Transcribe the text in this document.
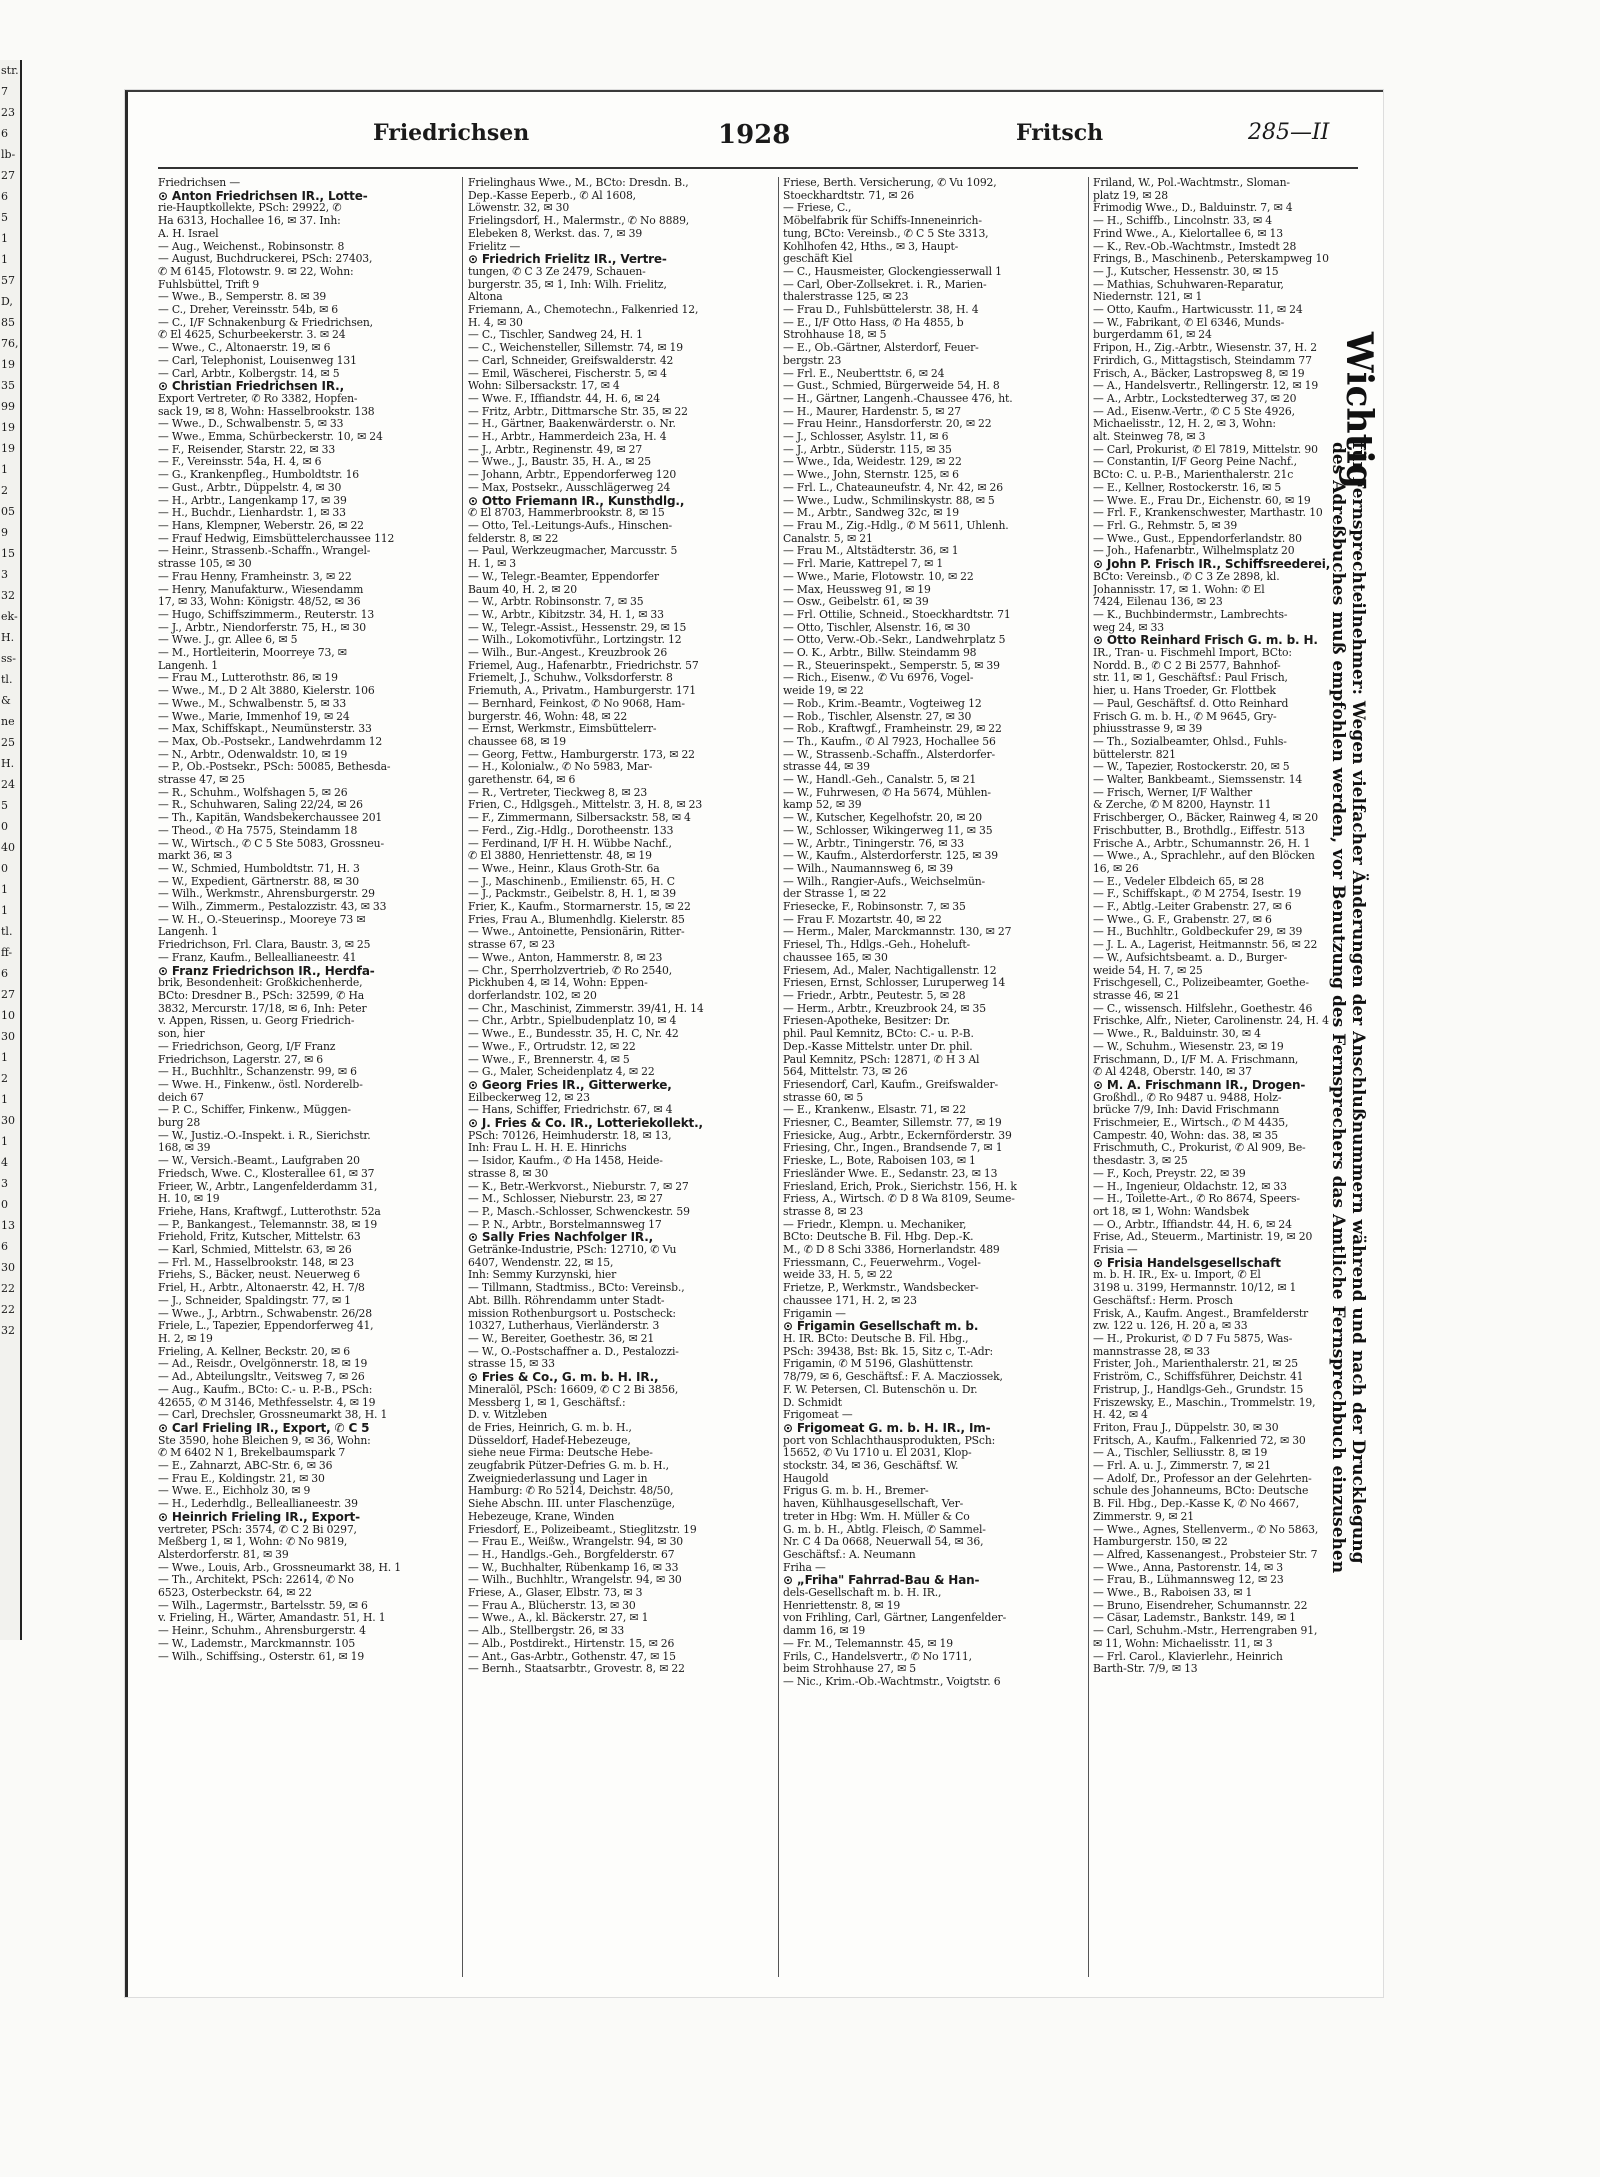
str.
7
23
6
lb-
27
6
5
1
1
57
D,
85
76,
19
35
99
19
19
1
2
05
9
15
3
32
ek-
H.
ss-
tl.
&
ne
25
H.
24
5
0
40
0
1
1
tl.
ff-
6
27
10
30
1
2
1
30
1
4
3
0
13
6
30
22
22
32
Friedrichsen	1928	Fritsch	285—II
Friedrichsen —
⊙ Anton Friedrichsen IR., Lotte-
rie-Hauptkollekte, PSch: 29922, ✆
Ha 6313, Hochallee 16, ✉ 37. Inh:
A. H. Israel
— Aug., Weichenst., Robinsonstr. 8
— August, Buchdruckerei, PSch: 27403,
✆ M 6145, Flotowstr. 9. ✉ 22, Wohn:
Fuhlsbüttel, Trift 9
— Wwe., B., Semperstr. 8. ✉ 39
— C., Dreher, Vereinsstr. 54b, ✉ 6
— C., I/F Schnakenburg & Friedrichsen,
✆ El 4625, Schurbeekerstr. 3. ✉ 24
— Wwe., C., Altonaerstr. 19, ✉ 6
— Carl, Telephonist, Louisenweg 131
— Carl, Arbtr., Kolbergstr. 14, ✉ 5
⊙ Christian Friedrichsen IR.,
Export Vertreter, ✆ Ro 3382, Hopfen-
sack 19, ✉ 8, Wohn: Hasselbrookstr. 138
— Wwe., D., Schwalbenstr. 5, ✉ 33
— Wwe., Emma, Schürbeckerstr. 10, ✉ 24
— F., Reisender, Starstr. 22, ✉ 33
— F., Vereinsstr. 54a, H. 4, ✉ 6
— G., Krankenpfleg., Humboldtstr. 16
— Gust., Arbtr., Düppelstr. 4, ✉ 30
— H., Arbtr., Langenkamp 17, ✉ 39
— H., Buchdr., Lienhardstr. 1, ✉ 33
— Hans, Klempner, Weberstr. 26, ✉ 22
— Frauf Hedwig, Eimsbüttelerchaussee 112
— Heinr., Strassenb.-Schaffn., Wrangel-
strasse 105, ✉ 30
— Frau Henny, Framheinstr. 3, ✉ 22
— Henry, Manufakturw., Wiesendamm
17, ✉ 33, Wohn: Königstr. 48/52, ✉ 36
— Hugo, Schiffszimmerm., Reuterstr. 13
— J., Arbtr., Niendorferstr. 75, H., ✉ 30
— Wwe. J., gr. Allee 6, ✉ 5
— M., Hortleiterin, Moorreye 73, ✉
Langenh. 1
— Frau M., Lutterothstr. 86, ✉ 19
— Wwe., M., D 2 Alt 3880, Kielerstr. 106
— Wwe., M., Schwalbenstr. 5, ✉ 33
— Wwe., Marie, Immenhof 19, ✉ 24
— Max, Schiffskapt., Neumünsterstr. 33
— Max, Ob.-Postsekr., Landwehrdamm 12
— N., Arbtr., Odenwaldstr. 10, ✉ 19
— P., Ob.-Postsekr., PSch: 50085, Bethesda-
strasse 47, ✉ 25
— R., Schuhm., Wolfshagen 5, ✉ 26
— R., Schuhwaren, Saling 22/24, ✉ 26
— Th., Kapitän, Wandsbekerchaussee 201
— Theod., ✆ Ha 7575, Steindamm 18
— W., Wirtsch., ✆ C 5 Ste 5083, Grossneu-
markt 36, ✉ 3
— W., Schmied, Humboldtstr. 71, H. 3
— W., Expedient, Gärtnerstr. 88, ✉ 30
— Wilh., Werkmstr., Ahrensburgerstr. 29
— Wilh., Zimmerm., Pestalozzistr. 43, ✉ 33
— W. H., O.-Steuerinsp., Mooreye 73 ✉
Langenh. 1
Friedrichson, Frl. Clara, Baustr. 3, ✉ 25
— Franz, Kaufm., Belleallianeestr. 41
⊙ Franz Friedrichson IR., Herdfa-
brik, Besondenheit: Großkichenherde,
BCto: Dresdner B., PSch: 32599, ✆ Ha
3832, Mercurstr. 17/18, ✉ 6, Inh: Peter
v. Appen, Rissen, u. Georg Friedrich-
son, hier
— Friedrichson, Georg, I/F Franz
Friedrichson, Lagerstr. 27, ✉ 6
— H., Buchhltr., Schanzenstr. 99, ✉ 6
— Wwe. H., Finkenw., östl. Norderelb-
deich 67
— P. C., Schiffer, Finkenw., Müggen-
burg 28
— W., Justiz.-O.-Inspekt. i. R., Sierichstr.
168, ✉ 39
— W., Versich.-Beamt., Laufgraben 20
Friedsch, Wwe. C., Klosterallee 61, ✉ 37
Frieer, W., Arbtr., Langenfelderdamm 31,
H. 10, ✉ 19
Friehe, Hans, Kraftwgf., Lutterothstr. 52a
— P., Bankangest., Telemannstr. 38, ✉ 19
Friehold, Fritz, Kutscher, Mittelstr. 63
— Karl, Schmied, Mittelstr. 63, ✉ 26
— Frl. M., Hasselbrookstr. 148, ✉ 23
Friehs, S., Bäcker, neust. Neuerweg 6
Friel, H., Arbtr., Altonaerstr. 42, H. 7/8
— J., Schneider, Spaldingstr. 77, ✉ 1
— Wwe., J., Arbtrn., Schwabenstr. 26/28
Friele, L., Tapezier, Eppendorferweg 41,
H. 2, ✉ 19
Frieling, A. Kellner, Beckstr. 20, ✉ 6
— Ad., Reisdr., Ovelgönnerstr. 18, ✉ 19
— Ad., Abteilungsltr., Veitsweg 7, ✉ 26
— Aug., Kaufm., BCto: C.- u. P.-B., PSch:
42655, ✆ M 3146, Methfesselstr. 4, ✉ 19
— Carl, Drechsler, Grossneumarkt 38, H. 1
⊙ Carl Frieling IR., Export, ✆ C 5
Ste 3590, hohe Bleichen 9, ✉ 36, Wohn:
✆ M 6402 N 1, Brekelbaumspark 7
— E., Zahnarzt, ABC-Str. 6, ✉ 36
— Frau E., Koldingstr. 21, ✉ 30
— Wwe. E., Eichholz 30, ✉ 9
— H., Lederhdlg., Belleallianeestr. 39
⊙ Heinrich Frieling IR., Export-
vertreter, PSch: 3574, ✆ C 2 Bi 0297,
Meßberg 1, ✉ 1, Wohn: ✆ No 9819,
Alsterdorferstr. 81, ✉ 39
— Wwe., Louis, Arb., Grossneumarkt 38, H. 1
— Th., Architekt, PSch: 22614, ✆ No
6523, Osterbeckstr. 64, ✉ 22
— Wilh., Lagermstr., Bartelsstr. 59, ✉ 6
v. Frieling, H., Wärter, Amandastr. 51, H. 1
— Heinr., Schuhm., Ahrensburgerstr. 4
— W., Lademstr., Marckmannstr. 105
— Wilh., Schiffsing., Osterstr. 61, ✉ 19
Frielinghaus Wwe., M., BCto: Dresdn. B.,
Dep.-Kasse Eeperb., ✆ Al 1608,
Löwenstr. 32, ✉ 30
Frielingsdorf, H., Malermstr., ✆ No 8889,
Elebeken 8, Werkst. das. 7, ✉ 39
Frielitz —
⊙ Friedrich Frielitz IR., Vertre-
tungen, ✆ C 3 Ze 2479, Schauen-
burgerstr. 35, ✉ 1, Inh: Wilh. Frielitz,
Altona
Friemann, A., Chemotechn., Falkenried 12,
H. 4, ✉ 30
— C., Tischler, Sandweg 24, H. 1
— C., Weichensteller, Sillemstr. 74, ✉ 19
— Carl, Schneider, Greifswalderstr. 42
— Emil, Wäscherei, Fischerstr. 5, ✉ 4
Wohn: Silbersackstr. 17, ✉ 4
— Wwe. F., Iffiandstr. 44, H. 6, ✉ 24
— Fritz, Arbtr., Dittmarsche Str. 35, ✉ 22
— H., Gärtner, Baakenwärderstr. o. Nr.
— H., Arbtr., Hammerdeich 23a, H. 4
— J., Arbtr., Reginenstr. 49, ✉ 27
— Wwe., J., Baustr. 35, H. A., ✉ 25
— Johann, Arbtr., Eppendorferweg 120
— Max, Postsekr., Ausschlägerweg 24
⊙ Otto Friemann IR., Kunsthdlg.,
✆ El 8703, Hammerbrookstr. 8, ✉ 15
— Otto, Tel.-Leitungs-Aufs., Hinschen-
felderstr. 8, ✉ 22
— Paul, Werkzeugmacher, Marcusstr. 5
H. 1, ✉ 3
— W., Telegr.-Beamter, Eppendorfer
Baum 40, H. 2, ✉ 20
— W., Arbtr. Robinsonstr. 7, ✉ 35
— W., Arbtr., Kibitzstr. 34, H. 1, ✉ 33
— W., Telegr.-Assist., Hessenstr. 29, ✉ 15
— Wilh., Lokomotivführ., Lortzingstr. 12
— Wilh., Bur.-Angest., Kreuzbrook 26
Friemel, Aug., Hafenarbtr., Friedrichstr. 57
Friemelt, J., Schuhw., Volksdorferstr. 8
Friemuth, A., Privatm., Hamburgerstr. 171
— Bernhard, Feinkost, ✆ No 9068, Ham-
burgerstr. 46, Wohn: 48, ✉ 22
— Ernst, Werkmstr., Eimsbüttelerr-
chaussee 68, ✉ 19
— Georg, Fettw., Hamburgerstr. 173, ✉ 22
— H., Kolonialw., ✆ No 5983, Mar-
garethenstr. 64, ✉ 6
— R., Vertreter, Tieckweg 8, ✉ 23
Frien, C., Hdlgsgeh., Mittelstr. 3, H. 8, ✉ 23
— F., Zimmermann, Silbersackstr. 58, ✉ 4
— Ferd., Zig.-Hdlg., Dorotheenstr. 133
— Ferdinand, I/F H. H. Wübbe Nachf.,
✆ El 3880, Henriettenstr. 48, ✉ 19
— Wwe., Heinr., Klaus Groth-Str. 6a
— J., Maschinenb., Emilienstr. 65, H. C
— J., Packmstr., Geibelstr. 8, H. 1, ✉ 39
Frier, K., Kaufm., Stormarnerstr. 15, ✉ 22
Fries, Frau A., Blumenhdlg. Kielerstr. 85
— Wwe., Antoinette, Pensionärin, Ritter-
strasse 67, ✉ 23
— Wwe., Anton, Hammerstr. 8, ✉ 23
— Chr., Sperrholzvertrieb, ✆ Ro 2540,
Pickhuben 4, ✉ 14, Wohn: Eppen-
dorferlandstr. 102, ✉ 20
— Chr., Maschinist, Zimmerstr. 39/41, H. 14
— Chr., Arbtr., Spielbudenplatz 10, ✉ 4
— Wwe., E., Bundesstr. 35, H. C, Nr. 42
— Wwe., F., Ortrudstr. 12, ✉ 22
— Wwe., F., Brennerstr. 4, ✉ 5
— G., Maler, Scheidenplatz 4, ✉ 22
⊙ Georg Fries IR., Gitterwerke,
Eilbeckerweg 12, ✉ 23
— Hans, Schiffer, Friedrichstr. 67, ✉ 4
⊙ J. Fries & Co. IR., Lotteriekollekt.,
PSch: 70126, Heimhuderstr. 18, ✉ 13,
Inh: Frau L. H. H. E. Hinrichs
— Isidor, Kaufm., ✆ Ha 1458, Heide-
strasse 8, ✉ 30
— K., Betr.-Werkvorst., Nieburstr. 7, ✉ 27
— M., Schlosser, Nieburstr. 23, ✉ 27
— P., Masch.-Schlosser, Schwenckestr. 59
— P. N., Arbtr., Borstelmannsweg 17
⊙ Sally Fries Nachfolger IR.,
Getränke-Industrie, PSch: 12710, ✆ Vu
6407, Wendenstr. 22, ✉ 15,
Inh: Semmy Kurzynski, hier
— Tillmann, Stadtmiss., BCto: Vereinsb.,
Abt. Billh. Röhrendamm unter Stadt-
mission Rothenburgsort u. Postscheck:
10327, Lutherhaus, Vierländerstr. 3
— W., Bereiter, Goethestr. 36, ✉ 21
— W., O.-Postschaffner a. D., Pestalozzi-
strasse 15, ✉ 33
⊙ Fries & Co., G. m. b. H. IR.,
Mineralöl, PSch: 16609, ✆ C 2 Bi 3856,
Messberg 1, ✉ 1, Geschäftsf.:
D. v. Witzleben
de Fries, Heinrich, G. m. b. H.,
Düsseldorf, Hadef-Hebezeuge,
siehe neue Firma: Deutsche Hebe-
zeugfabrik Pützer-Defries G. m. b. H.,
Zweigniederlassung und Lager in
Hamburg: ✆ Ro 5214, Deichstr. 48/50,
Siehe Abschn. III. unter Flaschenzüge,
Hebezeuge, Krane, Winden
Friesdorf, E., Polizeibeamt., Stieglitzstr. 19
— Frau E., Weißw., Wrangelstr. 94, ✉ 30
— H., Handlgs.-Geh., Borgfelderstr. 67
— W., Buchhalter, Rübenkamp 16, ✉ 33
— Wilh., Buchhltr., Wrangelstr. 94, ✉ 30
Friese, A., Glaser, Elbstr. 73, ✉ 3
— Frau A., Blücherstr. 13, ✉ 30
— Wwe., A., kl. Bäckerstr. 27, ✉ 1
— Alb., Stellbergstr. 26, ✉ 33
— Alb., Postdirekt., Hirtenstr. 15, ✉ 26
— Ant., Gas-Arbtr., Gothenstr. 47, ✉ 15
— Bernh., Staatsarbtr., Grovestr. 8, ✉ 22
Friese, Berth. Versicherung, ✆ Vu 1092,
Stoeckhardtstr. 71, ✉ 26
— Friese, C.,
Möbelfabrik für Schiffs-Inneneinrich-
tung, BCto: Vereinsb., ✆ C 5 Ste 3313,
Kohlhofen 42, Hths., ✉ 3, Haupt-
geschäft Kiel
— C., Hausmeister, Glockengiesserwall 1
— Carl, Ober-Zollsekret. i. R., Marien-
thalerstrasse 125, ✉ 23
— Frau D., Fuhlsbüttelerstr. 38, H. 4
— E., I/F Otto Hass, ✆ Ha 4855, b
Strohhause 18, ✉ 5
— E., Ob.-Gärtner, Alsterdorf, Feuer-
bergstr. 23
— Frl. E., Neuberttstr. 6, ✉ 24
— Gust., Schmied, Bürgerweide 54, H. 8
— H., Gärtner, Langenh.-Chaussee 476, ht.
— H., Maurer, Hardenstr. 5, ✉ 27
— Frau Heinr., Hansdorferstr. 20, ✉ 22
— J., Schlosser, Asylstr. 11, ✉ 6
— J., Arbtr., Süderstr. 115, ✉ 35
— Wwe., Ida, Weidestr. 129, ✉ 22
— Wwe., John, Sternstr. 125, ✉ 6
— Frl. L., Chateauneufstr. 4, Nr. 42, ✉ 26
— Wwe., Ludw., Schmilinskystr. 88, ✉ 5
— M., Arbtr., Sandweg 32c, ✉ 19
— Frau M., Zig.-Hdlg., ✆ M 5611, Uhlenh.
Canalstr. 5, ✉ 21
— Frau M., Altstädterstr. 36, ✉ 1
— Frl. Marie, Kattrepel 7, ✉ 1
— Wwe., Marie, Flotowstr. 10, ✉ 22
— Max, Heussweg 91, ✉ 19
— Osw., Geibelstr. 61, ✉ 39
— Frl. Ottilie, Schneid., Stoeckhardtstr. 71
— Otto, Tischler, Alsenstr. 16, ✉ 30
— Otto, Verw.-Ob.-Sekr., Landwehrplatz 5
— O. K., Arbtr., Billw. Steindamm 98
— R., Steuerinspekt., Semperstr. 5, ✉ 39
— Rich., Eisenw., ✆ Vu 6976, Vogel-
weide 19, ✉ 22
— Rob., Krim.-Beamtr., Vogteiweg 12
— Rob., Tischler, Alsenstr. 27, ✉ 30
— Rob., Kraftwgf., Framheinstr. 29, ✉ 22
— Th., Kaufm., ✆ Al 7923, Hochallee 56
— W., Strassenb.-Schaffn., Alsterdorfer-
strasse 44, ✉ 39
— W., Handl.-Geh., Canalstr. 5, ✉ 21
— W., Fuhrwesen, ✆ Ha 5674, Mühlen-
kamp 52, ✉ 39
— W., Kutscher, Kegelhofstr. 20, ✉ 20
— W., Schlosser, Wikingerweg 11, ✉ 35
— W., Arbtr., Tiningerstr. 76, ✉ 33
— W., Kaufm., Alsterdorferstr. 125, ✉ 39
— Wilh., Naumannsweg 6, ✉ 39
— Wilh., Rangier-Aufs., Weichselmün-
der Strasse 1, ✉ 22
Friesecke, F., Robinsonstr. 7, ✉ 35
— Frau F. Mozartstr. 40, ✉ 22
— Herm., Maler, Marckmannstr. 130, ✉ 27
Friesel, Th., Hdlgs.-Geh., Hoheluft-
chaussee 165, ✉ 30
Friesem, Ad., Maler, Nachtigallenstr. 12
Friesen, Ernst, Schlosser, Luruperweg 14
— Friedr., Arbtr., Peutestr. 5, ✉ 28
— Herm., Arbtr., Kreuzbrook 24, ✉ 35
Friesen-Apotheke, Besitzer: Dr.
phil. Paul Kemnitz, BCto: C.- u. P.-B.
Dep.-Kasse Mittelstr. unter Dr. phil.
Paul Kemnitz, PSch: 12871, ✆ H 3 Al
564, Mittelstr. 73, ✉ 26
Friesendorf, Carl, Kaufm., Greifswalder-
strasse 60, ✉ 5
— E., Krankenw., Elsastr. 71, ✉ 22
Friesner, C., Beamter, Sillemstr. 77, ✉ 19
Friesicke, Aug., Arbtr., Eckernförderstr. 39
Friesing, Chr., Ingen., Brandsende 7, ✉ 1
Frieske, L., Bote, Raboisen 103, ✉ 1
Friesländer Wwe. E., Sedanstr. 23, ✉ 13
Friesland, Erich, Prok., Sierichstr. 156, H. k
Friess, A., Wirtsch. ✆ D 8 Wa 8109, Seume-
strasse 8, ✉ 23
— Friedr., Klempn. u. Mechaniker,
BCto: Deutsche B. Fil. Hbg. Dep.-K.
M., ✆ D 8 Schi 3386, Hornerlandstr. 489
Friessmann, C., Feuerwehrm., Vogel-
weide 33, H. 5, ✉ 22
Frietze, P., Werkmstr., Wandsbecker-
chaussee 171, H. 2, ✉ 23
Frigamin —
⊙ Frigamin Gesellschaft m. b.
H. IR. BCto: Deutsche B. Fil. Hbg.,
PSch: 39438, Bst: Bk. 15, Sitz c, T.-Adr:
Frigamin, ✆ M 5196, Glashüttenstr.
78/79, ✉ 6, Geschäftsf.: F. A. Macziossek,
F. W. Petersen, Cl. Butenschön u. Dr.
D. Schmidt
Frigomeat —
⊙ Frigomeat G. m. b. H. IR., Im-
port von Schlachthausprodukten, PSch:
15652, ✆ Vu 1710 u. El 2031, Klop-
stockstr. 34, ✉ 36, Geschäftsf. W.
Haugold
Frigus G. m. b. H., Bremer-
haven, Kühlhausgesellschaft, Ver-
treter in Hbg: Wm. H. Müller & Co
G. m. b. H., Abtlg. Fleisch, ✆ Sammel-
Nr. C 4 Da 0668, Neuerwall 54, ✉ 36,
Geschäftsf.: A. Neumann
Friha —
⊙ „Friha" Fahrrad-Bau & Han-
dels-Gesellschaft m. b. H. IR.,
Henriettenstr. 8, ✉ 19
von Frihling, Carl, Gärtner, Langenfelder-
damm 16, ✉ 19
— Fr. M., Telemannstr. 45, ✉ 19
Frils, C., Handelsvertr., ✆ No 1711,
beim Strohhause 27, ✉ 5
— Nic., Krim.-Ob.-Wachtmstr., Voigtstr. 6
Friland, W., Pol.-Wachtmstr., Sloman-
platz 19, ✉ 28
Frimodig Wwe., D., Balduinstr. 7, ✉ 4
— H., Schiffb., Lincolnstr. 33, ✉ 4
Frind Wwe., A., Kielortallee 6, ✉ 13
— K., Rev.-Ob.-Wachtmstr., Imstedt 28
Frings, B., Maschinenb., Peterskampweg 10
— J., Kutscher, Hessenstr. 30, ✉ 15
— Mathias, Schuhwaren-Reparatur,
Niedernstr. 121, ✉ 1
— Otto, Kaufm., Hartwicusstr. 11, ✉ 24
— W., Fabrikant, ✆ El 6346, Munds-
burgerdamm 61, ✉ 24
Fripon, H., Zig.-Arbtr., Wiesenstr. 37, H. 2
Frirdich, G., Mittagstisch, Steindamm 77
Frisch, A., Bäcker, Lastropsweg 8, ✉ 19
— A., Handelsvertr., Rellingerstr. 12, ✉ 19
— A., Arbtr., Lockstedterweg 37, ✉ 20
— Ad., Eisenw.-Vertr., ✆ C 5 Ste 4926,
Michaelisstr., 12, H. 2, ✉ 3, Wohn:
alt. Steinweg 78, ✉ 3
— Carl, Prokurist, ✆ El 7819, Mittelstr. 90
— Constantin, I/F Georg Peine Nachf.,
BCto: C. u. P.-B., Marienthalerstr. 21c
— E., Kellner, Rostockerstr. 16, ✉ 5
— Wwe. E., Frau Dr., Eichenstr. 60, ✉ 19
— Frl. F., Krankenschwester, Marthastr. 10
— Frl. G., Rehmstr. 5, ✉ 39
— Wwe., Gust., Eppendorferlandstr. 80
— Joh., Hafenarbtr., Wilhelmsplatz 20
⊙ John P. Frisch IR., Schiffsreederei,
BCto: Vereinsb., ✆ C 3 Ze 2898, kl.
Johannisstr. 17, ✉ 1. Wohn: ✆ El
7424, Eilenau 136, ✉ 23
— K., Buchbindermstr., Lambrechts-
weg 24, ✉ 33
⊙ Otto Reinhard Frisch G. m. b. H.
IR., Tran- u. Fischmehl Import, BCto:
Nordd. B., ✆ C 2 Bi 2577, Bahnhof-
str. 11, ✉ 1, Geschäftsf.: Paul Frisch,
hier, u. Hans Troeder, Gr. Flottbek
— Paul, Geschäftsf. d. Otto Reinhard
Frisch G. m. b. H., ✆ M 9645, Gry-
phiusstrasse 9, ✉ 39
— Th., Sozialbeamter, Ohlsd., Fuhls-
büttelerstr. 821
— W., Tapezier, Rostockerstr. 20, ✉ 5
— Walter, Bankbeamt., Siemssenstr. 14
— Frisch, Werner, I/F Walther
& Zerche, ✆ M 8200, Haynstr. 11
Frischberger, O., Bäcker, Rainweg 4, ✉ 20
Frischbutter, B., Brothdlg., Eiffestr. 513
Frische A., Arbtr., Schumannstr. 26, H. 1
— Wwe., A., Sprachlehr., auf den Blöcken
16, ✉ 26
— E., Vedeler Elbdeich 65, ✉ 28
— F., Schiffskapt., ✆ M 2754, Isestr. 19
— F., Abtlg.-Leiter Grabenstr. 27, ✉ 6
— Wwe., G. F., Grabenstr. 27, ✉ 6
— H., Buchhltr., Goldbeckufer 29, ✉ 39
— J. L. A., Lagerist, Heitmannstr. 56, ✉ 22
— W., Aufsichtsbeamt. a. D., Burger-
weide 54, H. 7, ✉ 25
Frischgesell, C., Polizeibeamter, Goethe-
strasse 46, ✉ 21
— C., wissensch. Hilfslehr., Goethestr. 46
Frischke, Alfr., Nieter, Carolinenstr. 24, H. 4
— Wwe., R., Balduinstr. 30, ✉ 4
— W., Schuhm., Wiesenstr. 23, ✉ 19
Frischmann, D., I/F M. A. Frischmann,
✆ Al 4248, Oberstr. 140, ✉ 37
⊙ M. A. Frischmann IR., Drogen-
Großhdl., ✆ Ro 9487 u. 9488, Holz-
brücke 7/9, Inh: David Frischmann
Frischmeier, E., Wirtsch., ✆ M 4435,
Campestr. 40, Wohn: das. 38, ✉ 35
Frischmuth, C., Prokurist, ✆ Al 909, Be-
thesdastr. 3, ✉ 25
— F., Koch, Preystr. 22, ✉ 39
— H., Ingenieur, Oldachstr. 12, ✉ 33
— H., Toilette-Art., ✆ Ro 8674, Speers-
ort 18, ✉ 1, Wohn: Wandsbek
— O., Arbtr., Iffiandstr. 44, H. 6, ✉ 24
Frise, Ad., Steuerm., Martinistr. 19, ✉ 20
Frisia —
⊙ Frisia Handelsgesellschaft
m. b. H. IR., Ex- u. Import, ✆ El
3198 u. 3199, Hermannstr. 10/12, ✉ 1
Geschäftsf.: Herm. Prosch
Frisk, A., Kaufm. Angest., Bramfelderstr
zw. 122 u. 126, H. 20 a, ✉ 33
— H., Prokurist, ✆ D 7 Fu 5875, Was-
mannstrasse 28, ✉ 33
Frister, Joh., Marienthalerstr. 21, ✉ 25
Friström, C., Schiffsführer, Deichstr. 41
Fristrup, J., Handlgs-Geh., Grundstr. 15
Friszewsky, E., Maschin., Trommelstr. 19,
H. 42, ✉ 4
Friton, Frau J., Düppelstr. 30, ✉ 30
Fritsch, A., Kaufm., Falkenried 72, ✉ 30
— A., Tischler, Selliusstr. 8, ✉ 19
— Frl. A. u. J., Zimmerstr. 7, ✉ 21
— Adolf, Dr., Professor an der Gelehrten-
schule des Johanneums, BCto: Deutsche
B. Fil. Hbg., Dep.-Kasse K, ✆ No 4667,
Zimmerstr. 9, ✉ 21
— Wwe., Agnes, Stellenverm., ✆ No 5863,
Hamburgerstr. 150, ✉ 22
— Alfred, Kassenangest., Probsteier Str. 7
— Wwe., Anna, Pastorenstr. 14, ✉ 3
— Frau, B., Lühmannsweg 12, ✉ 23
— Wwe., B., Raboisen 33, ✉ 1
— Bruno, Eisendreher, Schumannstr. 22
— Cäsar, Lademstr., Bankstr. 149, ✉ 1
— Carl, Schuhm.-Mstr., Herrengraben 91,
✉ 11, Wohn: Michaelisstr. 11, ✉ 3
— Frl. Carol., Klavierlehr., Heinrich
Barth-Str. 7/9, ✉ 13
Wichtig
für Fernsprechteilnehmer: Wegen vielfacher Änderungen der Anschlußnummern während und nach der Drucklegung
des Adreßbuches muß empfohlen werden, vor Benutzung des Fernsprechers das Amtliche Fernsprechbuch einzusehen
